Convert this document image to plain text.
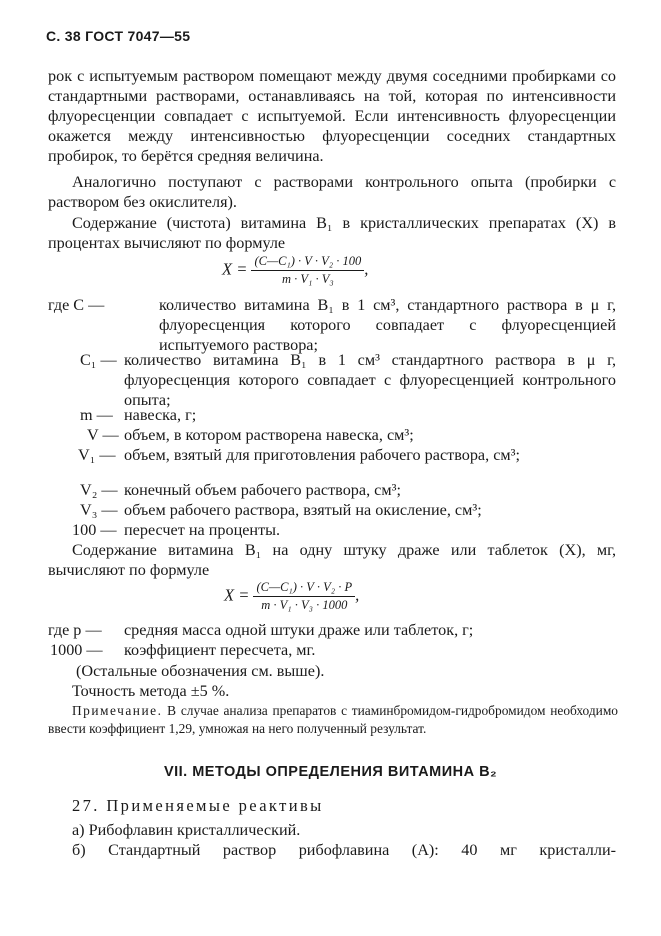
С. 38 ГОСТ 7047—55
рок с испытуемым раствором помещают между двумя соседними пробирками со стандартными растворами, останавливаясь на той, которая по интенсивности флуоресценции совпадает с испытуемой. Если интенсивность флуоресценции окажется между интенсивностью флуоресценции соседних стандартных пробирок, то берётся средняя величина.
Аналогично поступают с растворами контрольного опыта (пробирки с раствором без окислителя).
Содержание (чистота) витамина B₁ в кристаллических препаратах (X) в процентах вычисляют по формуле
$X = \frac{\text{(C—C₁) · V · V₂ · 100}}{\text{m · V₁ · V₃}}$ ,
где C —	количество витамина B₁ в 1 см³, стандартного раствора в μ г, флуоресценция которого совпадает с флуоресценцией испытуемого раствора;
C₁ — количество витамина B₁ в 1 см³ стандартного раствора в μ г, флуоресценция которого совпадает с флуоресценцией контрольного опыта;
m — навеска, г;
V — объем, в котором растворена навеска, см³;
V₁ — объем, взятый для приготовления рабочего раствора, см³;
V₂ — конечный объем рабочего раствора, см³;
V₃ — объем рабочего раствора, взятый на окисление, см³;
100 — пересчет на проценты.
Содержание витамина B₁ на одну штуку драже или таблеток (X), мг, вычисляют по формуле
$X = \frac{\text{(C—C₁) · V · V₂ · P}}{\text{m · V₁ · V₃ · 1000}}$ ,
где p — средняя масса одной штуки драже или таблеток, г;
1000 — коэффициент пересчета, мг.
(Остальные обозначения см. выше).
Точность метода ±5 %.
Примечание. В случае анализа препаратов с тиаминбромидом-гидробромидом необходимо ввести коэффициент 1,29, умножая на него полученный результат.
VII. МЕТОДЫ ОПРЕДЕЛЕНИЯ ВИТАМИНА B₂
27. Применяемые реактивы
а) Рибофлавин кристаллический.
б) Стандартный раствор рибофлавина (A): 40 мг кристалли-
